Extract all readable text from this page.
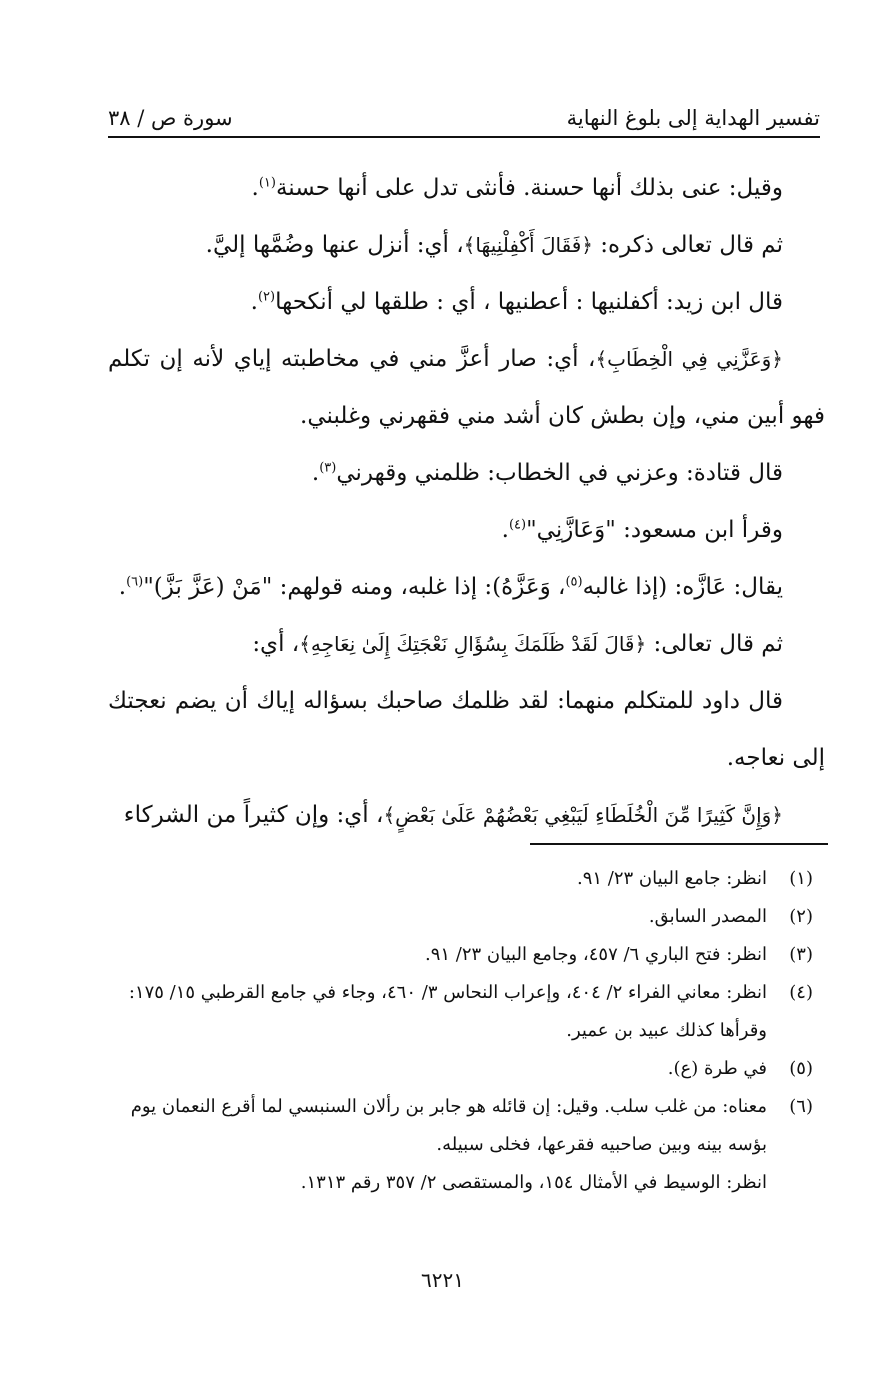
تفسير الهداية إلى بلوغ النهاية
سورة ص / ٣٨

وقيل: عنى بذلك أنها حسنة. فأنثى تدل على أنها حسنة$^{(١)}$.

ثم قال تعالى ذكره: ﴿فَقَالَ أَكْفِلْنِيهَا﴾، أي: أنزل عنها وضُمَّها إليَّ.

قال ابن زيد: أكفلنيها : أعطنيها ، أي : طلقها لي أنكحها$^{(٢)}$.

﴿وَعَزَّنِي فِي الْخِطَابِ﴾، أي: صار أعزَّ مني في مخاطبته إياي لأنه إن تكلم فهو أبين مني، وإن بطش كان أشد مني فقهرني وغلبني.

قال قتادة: وعزني في الخطاب: ظلمني وقهرني$^{(٣)}$.

وقرأ ابن مسعود: "وَعَازَّنِي"$^{(٤)}$.

يقال: عَازَّه: (إذا غالبه$^{(٥)}$، وَعَزَّهُ): إذا غلبه، ومنه قولهم: "مَنْ (عَزَّ بَزَّ)"$^{(٦)}$.

ثم قال تعالى: ﴿قَالَ لَقَدْ ظَلَمَكَ بِسُؤَالِ نَعْجَتِكَ إِلَىٰ نِعَاجِهِ﴾، أي:

قال داود للمتكلم منهما: لقد ظلمك صاحبك بسؤاله إياك أن يضم نعجتك إلى نعاجه.

﴿وَإِنَّ كَثِيرًا مِّنَ الْخُلَطَاءِ لَيَبْغِي بَعْضُهُمْ عَلَىٰ بَعْضٍ﴾، أي: وإن كثيراً من الشركاء

(١)
انظر: جامع البيان ٢٣/ ٩١.
(٢)
المصدر السابق.
(٣)
انظر: فتح الباري ٦/ ٤٥٧، وجامع البيان ٢٣/ ٩١.
(٤)
انظر: معاني الفراء ٢/ ٤٠٤، وإعراب النحاس ٣/ ٤٦٠، وجاء في جامع القرطبي ١٥/ ١٧٥: وقرأها كذلك عبيد بن عمير.
(٥)
في طرة (ع).
(٦)
معناه: من غلب سلب. وقيل: إن قائله هو جابر بن رألان السنبسي لما أقرع النعمان يوم بؤسه بينه وبين صاحبيه فقرعها، فخلى سبيله.
انظر: الوسيط في الأمثال ١٥٤، والمستقصى ٢/ ٣٥٧ رقم ١٣١٣.
٦٢٢١
